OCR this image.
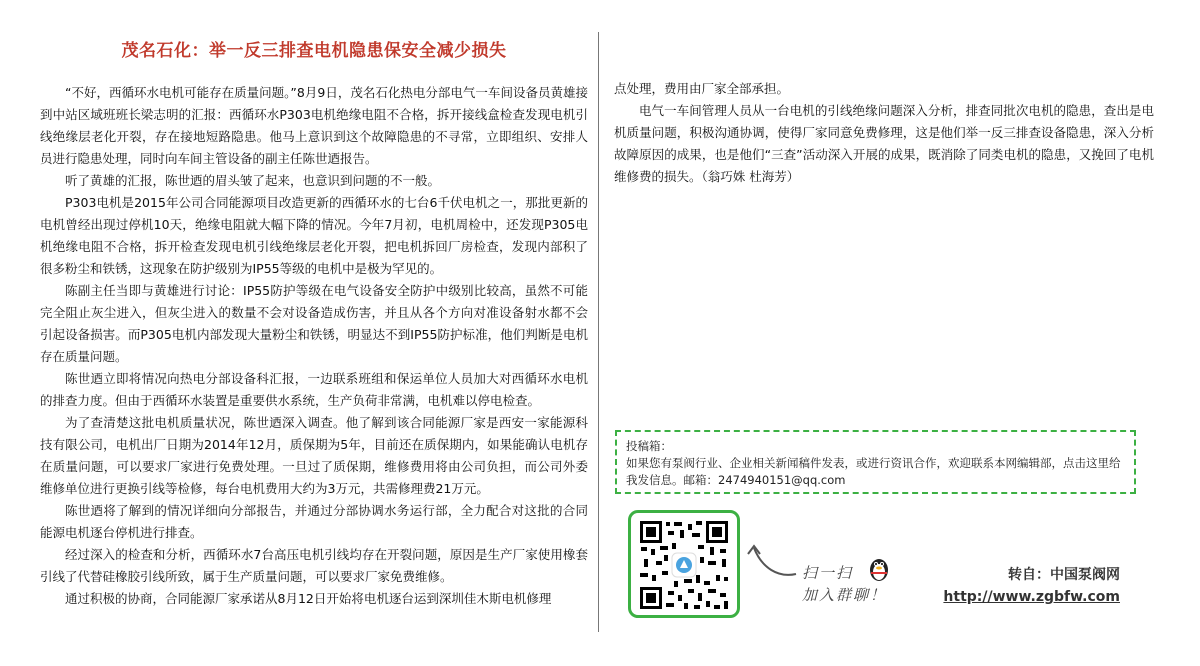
茂名石化：举一反三排查电机隐患保安全减少损失

“不好，西循环水电机可能存在质量问题。”8月9日，茂名石化热电分部电气一车间设备员黄雄接到中站区域班班长梁志明的汇报：西循环水P303电机绝缘电阻不合格，拆开接线盒检查发现电机引线绝缘层老化开裂，存在接地短路隐患。他马上意识到这个故障隐患的不寻常，立即组织、安排人员进行隐患处理，同时向车间主管设备的副主任陈世迺报告。

听了黄雄的汇报，陈世迺的眉头皱了起来，也意识到问题的不一般。

P303电机是2015年公司合同能源项目改造更新的西循环水的七台6千伏电机之一，那批更新的电机曾经出现过停机10天，绝缘电阻就大幅下降的情况。今年7月初，电机周检中，还发现P305电机绝缘电阻不合格，拆开检查发现电机引线绝缘层老化开裂，把电机拆回厂房检查，发现内部积了很多粉尘和铁锈，这现象在防护级别为IP55等级的电机中是极为罕见的。

陈副主任当即与黄雄进行讨论：IP55防护等级在电气设备安全防护中级别比较高，虽然不可能完全阻止灰尘进入，但灰尘进入的数量不会对设备造成伤害，并且从各个方向对准设备射水都不会引起设备损害。而P305电机内部发现大量粉尘和铁锈，明显达不到IP55防护标准，他们判断是电机存在质量问题。

陈世迺立即将情况向热电分部设备科汇报，一边联系班组和保运单位人员加大对西循环水电机的排查力度。但由于西循环水装置是重要供水系统，生产负荷非常满，电机难以停电检查。

为了查清楚这批电机质量状况，陈世迺深入调查。他了解到该合同能源厂家是西安一家能源科技有限公司，电机出厂日期为2014年12月，质保期为5年，目前还在质保期内，如果能确认电机存在质量问题，可以要求厂家进行免费处理。一旦过了质保期，维修费用将由公司负担，而公司外委维修单位进行更换引线等检修，每台电机费用大约为3万元，共需修理费21万元。

陈世迺将了解到的情况详细向分部报告，并通过分部协调水务运行部，全力配合对这批的合同能源电机逐台停机进行排查。

经过深入的检查和分析，西循环水7台高压电机引线均存在开裂问题，原因是生产厂家使用橡套引线了代替硅橡胶引线所致，属于生产质量问题，可以要求厂家免费维修。

通过积极的协商，合同能源厂家承诺从8月12日开始将电机逐台运到深圳佳木斯电机修理

点处理，费用由厂家全部承担。

电气一车间管理人员从一台电机的引线绝缘问题深入分析，排查同批次电机的隐患，查出是电机质量问题，积极沟通协调，使得厂家同意免费修理，这是他们举一反三排查设备隐患，深入分析故障原因的成果，也是他们“三查”活动深入开展的成果，既消除了同类电机的隐患，又挽回了电机维修费的损失。（翁巧姝 杜海芳）

投稿箱：
如果您有泵阀行业、企业相关新闻稿件发表，或进行资讯合作，欢迎联系本网编辑部，点击这里给我发信息。邮箱：2474940151@qq.com
扫一扫
加入群聊！
转自：中国泵阀网
http://www.zgbfw.com
